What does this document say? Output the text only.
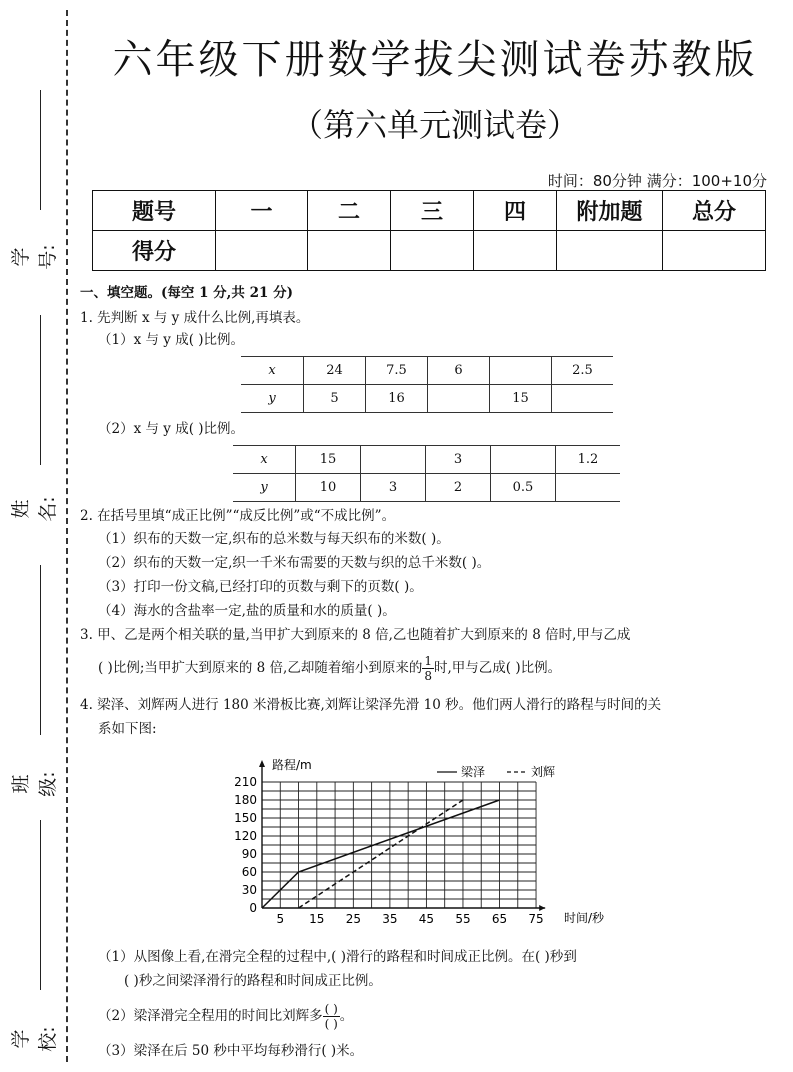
学号:
姓名:
班级:
学校:
六年级下册数学拔尖测试卷苏教版
（第六单元测试卷）
时间：80分钟 满分：100+10分
题号	一	二	三	四	附加题	总分
得分						
一、填空题。(每空 1 分,共 21 分)
1. 先判断 x 与 y 成什么比例,再填表。
（1）x 与 y 成( )比例。
x	24	7.5	6		2.5
y	5	16		15	
（2）x 与 y 成( )比例。
x	15		3		1.2
y	10	3	2	0.5	
2. 在括号里填“成正比例”“成反比例”或“不成比例”。
（1）织布的天数一定,织布的总米数与每天织布的米数( )。
（2）织布的天数一定,织一千米布需要的天数与织的总千米数( )。
（3）打印一份文稿,已经打印的页数与剩下的页数( )。
（4）海水的含盐率一定,盐的质量和水的质量( )。
3. 甲、乙是两个相关联的量,当甲扩大到原来的 8 倍,乙也随着扩大到原来的 8 倍时,甲与乙成
( )比例;当甲扩大到原来的 8 倍,乙却随着缩小到原来的 $\frac{1}{8}$ 时,甲与乙成( )比例。
4. 梁泽、刘辉两人进行 180 米滑板比赛,刘辉让梁泽先滑 10 秒。他们两人滑行的路程与时间的关
系如下图:
5 15 25 35 45 55 65 75
0
30
60
90
120
150
180
210
梁泽	刘辉
路程/m
时间/秒
（1）从图像上看,在滑完全程的过程中,( )滑行的路程和时间成正比例。在( )秒到
( )秒之间梁泽滑行的路程和时间成正比例。
（2）梁泽滑完全程用的时间比刘辉多 $\frac{( )}{( )}$ 。
（3）梁泽在后 50 秒中平均每秒滑行( )米。
